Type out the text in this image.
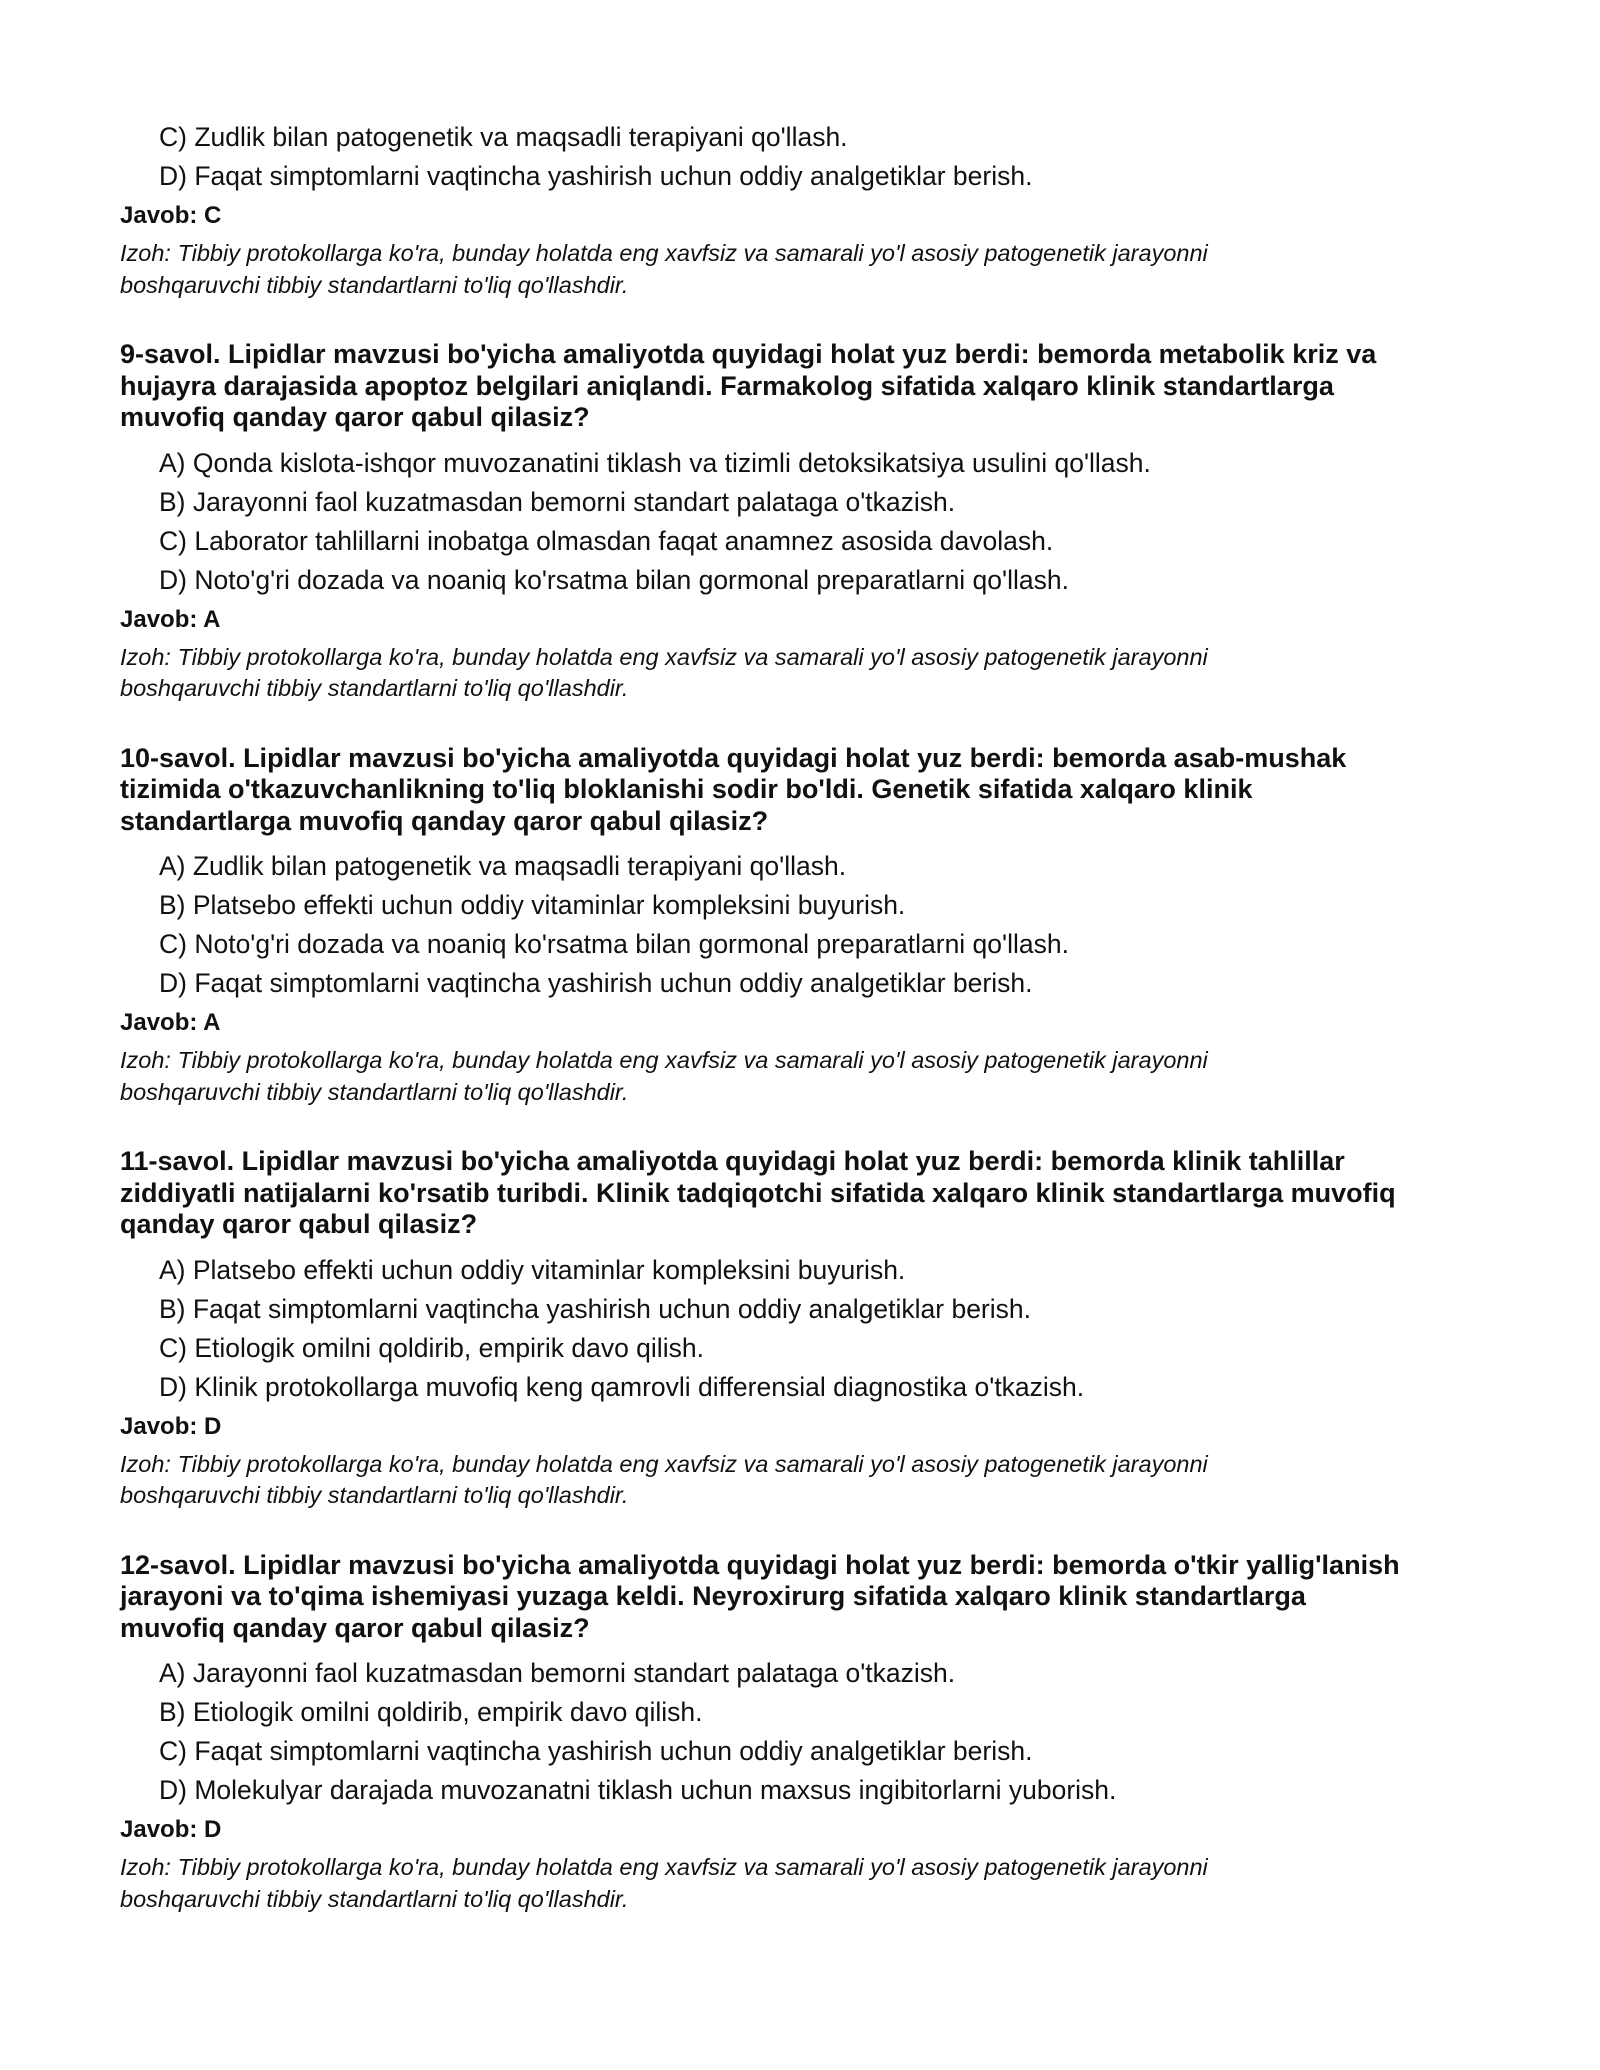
C) Zudlik bilan patogenetik va maqsadli terapiyani qo'llash.
D) Faqat simptomlarni vaqtincha yashirish uchun oddiy analgetiklar berish.
Javob: C
Izoh: Tibbiy protokollarga ko'ra, bunday holatda eng xavfsiz va samarali yo'l asosiy patogenetik jarayonni
boshqaruvchi tibbiy standartlarni to'liq qo'llashdir.
9-savol. Lipidlar mavzusi bo'yicha amaliyotda quyidagi holat yuz berdi: bemorda metabolik kriz va
hujayra darajasida apoptoz belgilari aniqlandi. Farmakolog sifatida xalqaro klinik standartlarga
muvofiq qanday qaror qabul qilasiz?
A) Qonda kislota-ishqor muvozanatini tiklash va tizimli detoksikatsiya usulini qo'llash.
B) Jarayonni faol kuzatmasdan bemorni standart palataga o'tkazish.
C) Laborator tahlillarni inobatga olmasdan faqat anamnez asosida davolash.
D) Noto'g'ri dozada va noaniq ko'rsatma bilan gormonal preparatlarni qo'llash.
Javob: A
Izoh: Tibbiy protokollarga ko'ra, bunday holatda eng xavfsiz va samarali yo'l asosiy patogenetik jarayonni
boshqaruvchi tibbiy standartlarni to'liq qo'llashdir.
10-savol. Lipidlar mavzusi bo'yicha amaliyotda quyidagi holat yuz berdi: bemorda asab-mushak
tizimida o'tkazuvchanlikning to'liq bloklanishi sodir bo'ldi. Genetik sifatida xalqaro klinik
standartlarga muvofiq qanday qaror qabul qilasiz?
A) Zudlik bilan patogenetik va maqsadli terapiyani qo'llash.
B) Platsebo effekti uchun oddiy vitaminlar kompleksini buyurish.
C) Noto'g'ri dozada va noaniq ko'rsatma bilan gormonal preparatlarni qo'llash.
D) Faqat simptomlarni vaqtincha yashirish uchun oddiy analgetiklar berish.
Javob: A
Izoh: Tibbiy protokollarga ko'ra, bunday holatda eng xavfsiz va samarali yo'l asosiy patogenetik jarayonni
boshqaruvchi tibbiy standartlarni to'liq qo'llashdir.
11-savol. Lipidlar mavzusi bo'yicha amaliyotda quyidagi holat yuz berdi: bemorda klinik tahlillar
ziddiyatli natijalarni ko'rsatib turibdi. Klinik tadqiqotchi sifatida xalqaro klinik standartlarga muvofiq
qanday qaror qabul qilasiz?
A) Platsebo effekti uchun oddiy vitaminlar kompleksini buyurish.
B) Faqat simptomlarni vaqtincha yashirish uchun oddiy analgetiklar berish.
C) Etiologik omilni qoldirib, empirik davo qilish.
D) Klinik protokollarga muvofiq keng qamrovli differensial diagnostika o'tkazish.
Javob: D
Izoh: Tibbiy protokollarga ko'ra, bunday holatda eng xavfsiz va samarali yo'l asosiy patogenetik jarayonni
boshqaruvchi tibbiy standartlarni to'liq qo'llashdir.
12-savol. Lipidlar mavzusi bo'yicha amaliyotda quyidagi holat yuz berdi: bemorda o'tkir yallig'lanish
jarayoni va to'qima ishemiyasi yuzaga keldi. Neyroxirurg sifatida xalqaro klinik standartlarga
muvofiq qanday qaror qabul qilasiz?
A) Jarayonni faol kuzatmasdan bemorni standart palataga o'tkazish.
B) Etiologik omilni qoldirib, empirik davo qilish.
C) Faqat simptomlarni vaqtincha yashirish uchun oddiy analgetiklar berish.
D) Molekulyar darajada muvozanatni tiklash uchun maxsus ingibitorlarni yuborish.
Javob: D
Izoh: Tibbiy protokollarga ko'ra, bunday holatda eng xavfsiz va samarali yo'l asosiy patogenetik jarayonni
boshqaruvchi tibbiy standartlarni to'liq qo'llashdir.
